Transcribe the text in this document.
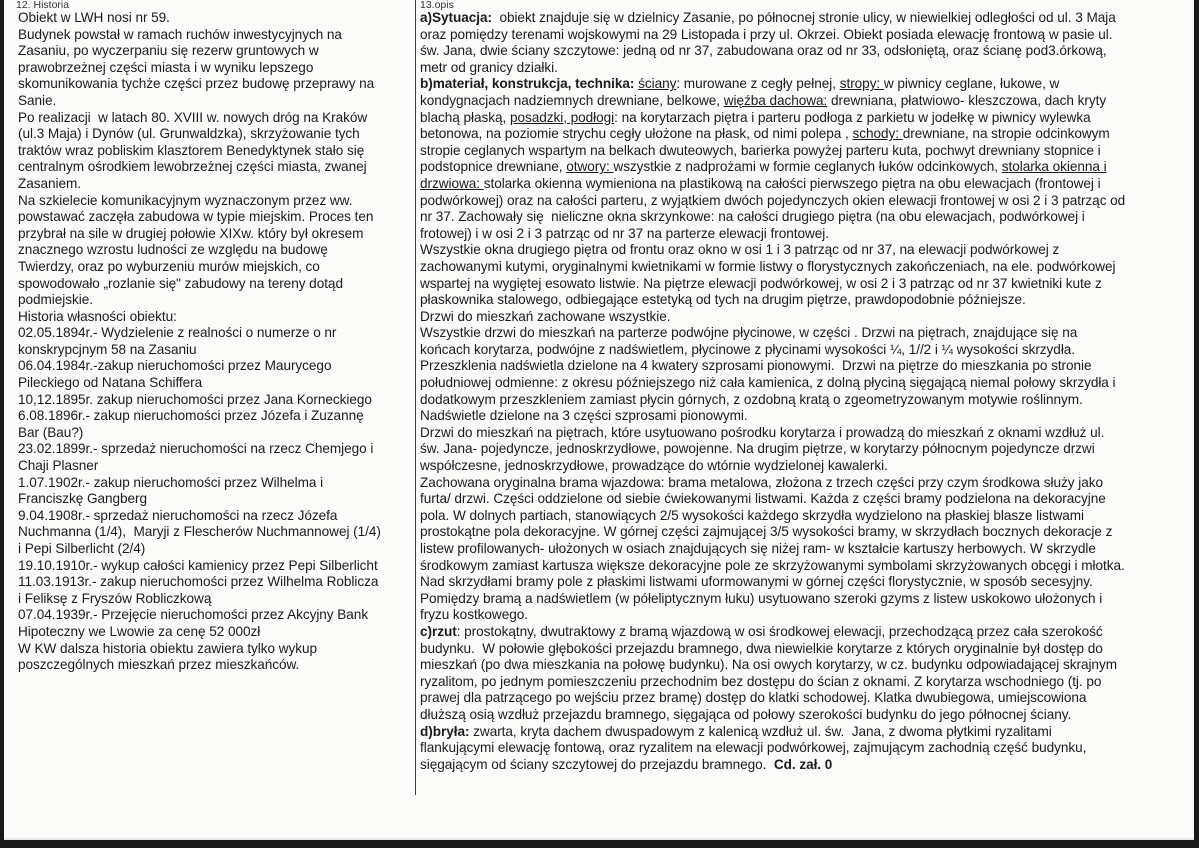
12. Historia
Obiekt w LWH nosi nr 59.
Budynek powstał w ramach ruchów inwestycyjnych na
Zasaniu, po wyczerpaniu się rezerw gruntowych w
prawobrzeżnej części miasta i w wyniku lepszego
skomunikowania tychże części przez budowę przeprawy na
Sanie.
Po realizacji  w latach 80. XVIII w. nowych dróg na Kraków
(ul.3 Maja) i Dynów (ul. Grunwaldzka), skrzyżowanie tych
traktów wraz pobliskim klasztorem Benedyktynek stało się
centralnym ośrodkiem lewobrzeżnej części miasta, zwanej
Zasaniem.
Na szkielecie komunikacyjnym wyznaczonym przez ww.
powstawać zaczęła zabudowa w typie miejskim. Proces ten
przybrał na sile w drugiej połowie XIXw. który był okresem
znacznego wzrostu ludności ze względu na budowę
Twierdzy, oraz po wyburzeniu murów miejskich, co
spowodowało „rozlanie się" zabudowy na tereny dotąd
podmiejskie.
Historia własności obiektu:
02.05.1894r.- Wydzielenie z realności o numerze o nr
konskrypcjnym 58 na Zasaniu
06.04.1984r.-zakup nieruchomości przez Maurycego
Pileckiego od Natana Schiffera
10,12.1895r. zakup nieruchomości przez Jana Korneckiego
6.08.1896r.- zakup nieruchomości przez Józefa i Zuzannę
Bar (Bau?)
23.02.1899r.- sprzedaż nieruchomości na rzecz Chemjego i
Chaji Plasner
1.07.1902r.- zakup nieruchomości przez Wilhelma i
Franciszkę Gangberg
9.04.1908r.- sprzedaż nieruchomości na rzecz Józefa
Nuchmanna (1/4),  Maryji z Flescherów Nuchmannowej (1/4)
i Pepi Silberlicht (2/4)
19.10.1910r.- wykup całości kamienicy przez Pepi Silberlicht
11.03.1913r.- zakup nieruchomości przez Wilhelma Roblicza
i Feliksę z Fryszów Robliczkową
07.04.1939r.- Przejęcie nieruchomości przez Akcyjny Bank
Hipoteczny we Lwowie za cenę 52 000zł
W KW dalsza historia obiektu zawiera tylko wykup
poszczególnych mieszkań przez mieszkańców.
13.opis
a)Sytuacja:  obiekt znajduje się w dzielnicy Zasanie, po północnej stronie ulicy, w niewielkiej odległości od ul. 3 Maja
oraz pomiędzy terenami wojskowymi na 29 Listopada i przy ul. Okrzei. Obiekt posiada elewację frontową w pasie ul.
św. Jana, dwie ściany szczytowe: jedną od nr 37, zabudowana oraz od nr 33, odsłoniętą, oraz ścianę pod3.órkową,
metr od granicy działki.
b)materiał, konstrukcja, technika: ściany: murowane z cegły pełnej, stropy: w piwnicy ceglane, łukowe, w
kondygnacjach nadziemnych drewniane, belkowe, więźba dachowa: drewniana, płatwiowo- kleszczowa, dach kryty
blachą płaską, posadzki, podłogi: na korytarzach piętra i parteru podłoga z parkietu w jodełkę w piwnicy wylewka
betonowa, na poziomie strychu cegły ułożone na płask, od nimi polepa , schody: drewniane, na stropie odcinkowym
stropie ceglanych wspartym na belkach dwuteowych, barierka powyżej parteru kuta, pochwyt drewniany stopnice i
podstopnice drewniane, otwory: wszystkie z nadprożami w formie ceglanych łuków odcinkowych, stolarka okienna i
drzwiowa: stolarka okienna wymieniona na plastikową na całości pierwszego piętra na obu elewacjach (frontowej i
podwórkowej) oraz na całości parteru, z wyjątkiem dwóch pojedynczych okien elewacji frontowej w osi 2 i 3 patrząc od
nr 37. Zachowały się  nieliczne okna skrzynkowe: na całości drugiego piętra (na obu elewacjach, podwórkowej i
frotowej) i w osi 2 i 3 patrząc od nr 37 na parterze elewacji frontowej.
Wszystkie okna drugiego piętra od frontu oraz okno w osi 1 i 3 patrząc od nr 37, na elewacji podwórkowej z
zachowanymi kutymi, oryginalnymi kwietnikami w formie listwy o florystycznych zakończeniach, na ele. podwórkowej
wspartej na wygiętej esowato listwie. Na piętrze elewacji podwórkowej, w osi 2 i 3 patrząc od nr 37 kwietniki kute z
płaskownika stalowego, odbiegające estetyką od tych na drugim piętrze, prawdopodobnie późniejsze.
Drzwi do mieszkań zachowane wszystkie.
Wszystkie drzwi do mieszkań na parterze podwójne płycinowe, w części . Drzwi na piętrach, znajdujące się na
końcach korytarza, podwójne z nadświetlem, płycinowe z płycinami wysokości ¼, 1//2 i ¼ wysokości skrzydła.
Przeszklenia nadświetla dzielone na 4 kwatery szprosami pionowymi.  Drzwi na piętrze do mieszkania po stronie
południowej odmienne: z okresu późniejszego niż cała kamienica, z dolną płyciną sięgającą niemal połowy skrzydła i
dodatkowym przeszkleniem zamiast płycin górnych, z ozdobną kratą o zgeometryzowanym motywie roślinnym.
Nadświetle dzielone na 3 części szprosami pionowymi.
Drzwi do mieszkań na piętrach, które usytuowano pośrodku korytarza i prowadzą do mieszkań z oknami wzdłuż ul.
św. Jana- pojedyncze, jednoskrzydłowe, powojenne. Na drugim piętrze, w korytarzy północnym pojedyncze drzwi
współczesne, jednoskrzydłowe, prowadzące do wtórnie wydzielonej kawalerki.
Zachowana oryginalna brama wjazdowa: brama metalowa, złożona z trzech części przy czym środkowa służy jako
furta/ drzwi. Części oddzielone od siebie ćwiekowanymi listwami. Każda z części bramy podzielona na dekoracyjne
pola. W dolnych partiach, stanowiących 2/5 wysokości każdego skrzydła wydzielono na płaskiej blasze listwami
prostokątne pola dekoracyjne. W górnej części zajmującej 3/5 wysokości bramy, w skrzydłach bocznych dekoracje z
listew profilowanych- ułożonych w osiach znajdujących się niżej ram- w kształcie kartuszy herbowych. W skrzydle
środkowym zamiast kartusza większe dekoracyjne pole ze skrzyżowanymi symbolami skrzyżowanych obcęgi i młotka.
Nad skrzydłami bramy pole z płaskimi listwami uformowanymi w górnej części florystycznie, w sposób secesyjny.
Pomiędzy bramą a nadświetlem (w półeliptycznym łuku) usytuowano szeroki gzyms z listew uskokowo ułożonych i
fryzu kostkowego.
c)rzut: prostokątny, dwutraktowy z bramą wjazdową w osi środkowej elewacji, przechodzącą przez cała szerokość
budynku.  W połowie głębokości przejazdu bramnego, dwa niewielkie korytarze z których oryginalnie był dostęp do
mieszkań (po dwa mieszkania na połowę budynku). Na osi owych korytarzy, w cz. budynku odpowiadającej skrajnym
ryzalitom, po jednym pomieszczeniu przechodnim bez dostępu do ścian z oknami. Z korytarza wschodniego (tj. po
prawej dla patrzącego po wejściu przez bramę) dostęp do klatki schodowej. Klatka dwubiegowa, umiejscowiona
dłuższą osią wzdłuż przejazdu bramnego, sięgająca od połowy szerokości budynku do jego północnej ściany.
d)bryła: zwarta, kryta dachem dwuspadowym z kalenicą wzdłuż ul. św.  Jana, z dwoma płytkimi ryzalitami
flankującymi elewację fontową, oraz ryzalitem na elewacji podwórkowej, zajmującym zachodnią część budynku,
sięgającym od ściany szczytowej do przejazdu bramnego.  Cd. zał. 0
